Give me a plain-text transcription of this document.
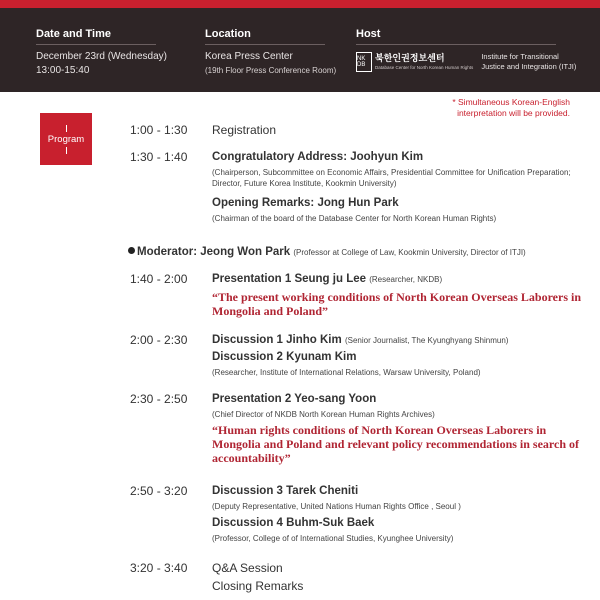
Date and Time
December 23rd (Wednesday)
13:00-15:40
Location
Korea Press Center
(19th Floor Press Conference Room)
Host
NK DB
북한인권정보센터
Database Center for North Korean Human Rights
Institute for Transitional
Justice and Integration (ITJI)
* Simultaneous Korean-English
interpretation will be provided.
Program
1:00 - 1:30 Registration
1:30 - 1:40 Congratulatory Address: Joohyun Kim
(Chairperson, Subcommittee on Economic Affairs, Presidential Committee for Unification Preparation; Director, Future Korea Institute, Kookmin University)
Opening Remarks: Jong Hun Park
(Chairman of the board of the Database Center for North Korean Human Rights)
Moderator: Jeong Won Park (Professor at College of Law, Kookmin University, Director of ITJI)
1:40 - 2:00 Presentation 1 Seung ju Lee (Researcher, NKDB)
“The present working conditions of North Korean Overseas Laborers in Mongolia and Poland”
2:00 - 2:30 Discussion 1 Jinho Kim (Senior Journalist, The Kyunghyang Shinmun)
Discussion 2 Kyunam Kim
(Researcher, Institute of International Relations, Warsaw University, Poland)
2:30 - 2:50 Presentation 2 Yeo-sang Yoon
(Chief Director of NKDB North Korean Human Rights Archives)
“Human rights conditions of North Korean Overseas Laborers in Mongolia and Poland and relevant policy recommendations in search of accountability”
2:50 - 3:20 Discussion 3 Tarek Cheniti
(Deputy Representative, United Nations Human Rights Office , Seoul )
Discussion 4 Buhm-Suk Baek
(Professor, College of of International Studies, Kyunghee University)
3:20 - 3:40 Q&A Session
Closing Remarks
